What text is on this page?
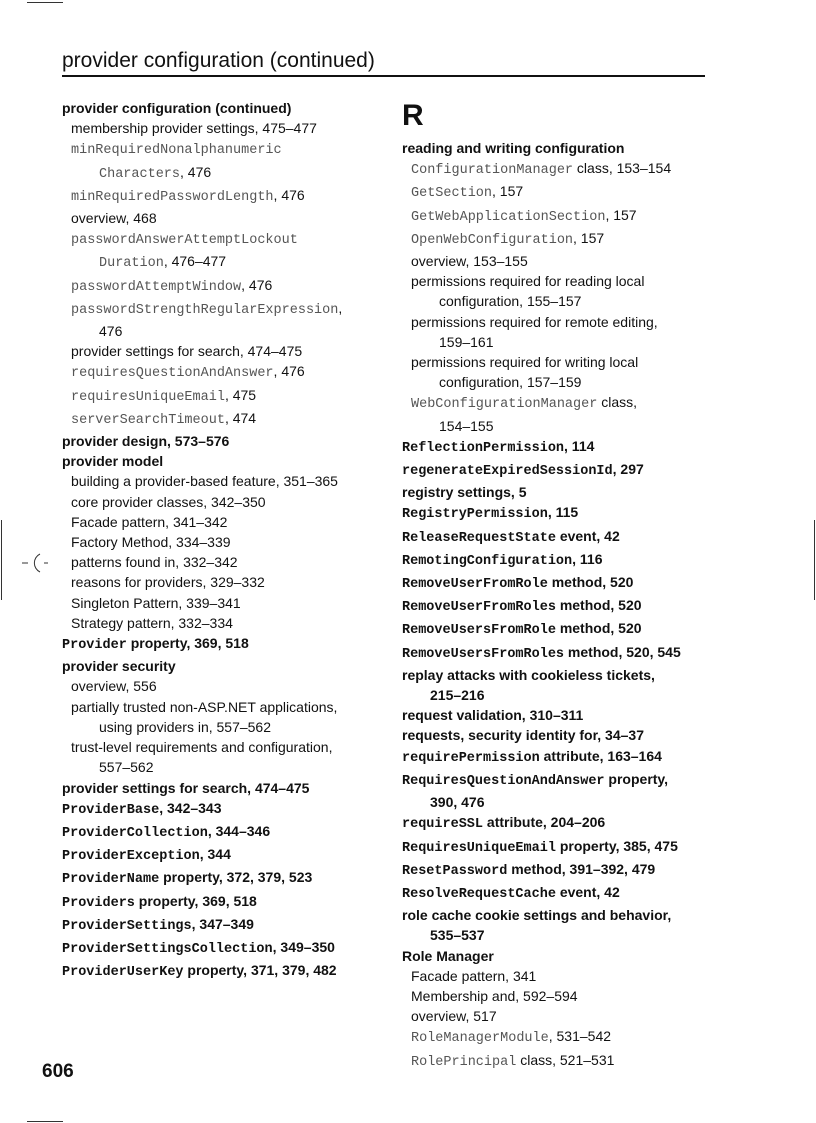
provider configuration (continued)
provider configuration (continued)
membership provider settings, 475–477
minRequiredNonalphanumeric
Characters, 476
minRequiredPasswordLength, 476
overview, 468
passwordAnswerAttemptLockout
Duration, 476–477
passwordAttemptWindow, 476
passwordStrengthRegularExpression,
476
provider settings for search, 474–475
requiresQuestionAndAnswer, 476
requiresUniqueEmail, 475
serverSearchTimeout, 474
provider design, 573–576
provider model
building a provider-based feature, 351–365
core provider classes, 342–350
Facade pattern, 341–342
Factory Method, 334–339
patterns found in, 332–342
reasons for providers, 329–332
Singleton Pattern, 339–341
Strategy pattern, 332–334
Provider property, 369, 518
provider security
overview, 556
partially trusted non-ASP.NET applications,
using providers in, 557–562
trust-level requirements and configuration,
557–562
provider settings for search, 474–475
ProviderBase, 342–343
ProviderCollection, 344–346
ProviderException, 344
ProviderName property, 372, 379, 523
Providers property, 369, 518
ProviderSettings, 347–349
ProviderSettingsCollection, 349–350
ProviderUserKey property, 371, 379, 482
R
reading and writing configuration
ConfigurationManager class, 153–154
GetSection, 157
GetWebApplicationSection, 157
OpenWebConfiguration, 157
overview, 153–155
permissions required for reading local
configuration, 155–157
permissions required for remote editing,
159–161
permissions required for writing local
configuration, 157–159
WebConfigurationManager class,
154–155
ReflectionPermission, 114
regenerateExpiredSessionId, 297
registry settings, 5
RegistryPermission, 115
ReleaseRequestState event, 42
RemotingConfiguration, 116
RemoveUserFromRole method, 520
RemoveUserFromRoles method, 520
RemoveUsersFromRole method, 520
RemoveUsersFromRoles method, 520, 545
replay attacks with cookieless tickets,
215–216
request validation, 310–311
requests, security identity for, 34–37
requirePermission attribute, 163–164
RequiresQuestionAndAnswer property,
390, 476
requireSSL attribute, 204–206
RequiresUniqueEmail property, 385, 475
ResetPassword method, 391–392, 479
ResolveRequestCache event, 42
role cache cookie settings and behavior,
535–537
Role Manager
Facade pattern, 341
Membership and, 592–594
overview, 517
RoleManagerModule, 531–542
RolePrincipal class, 521–531
606
